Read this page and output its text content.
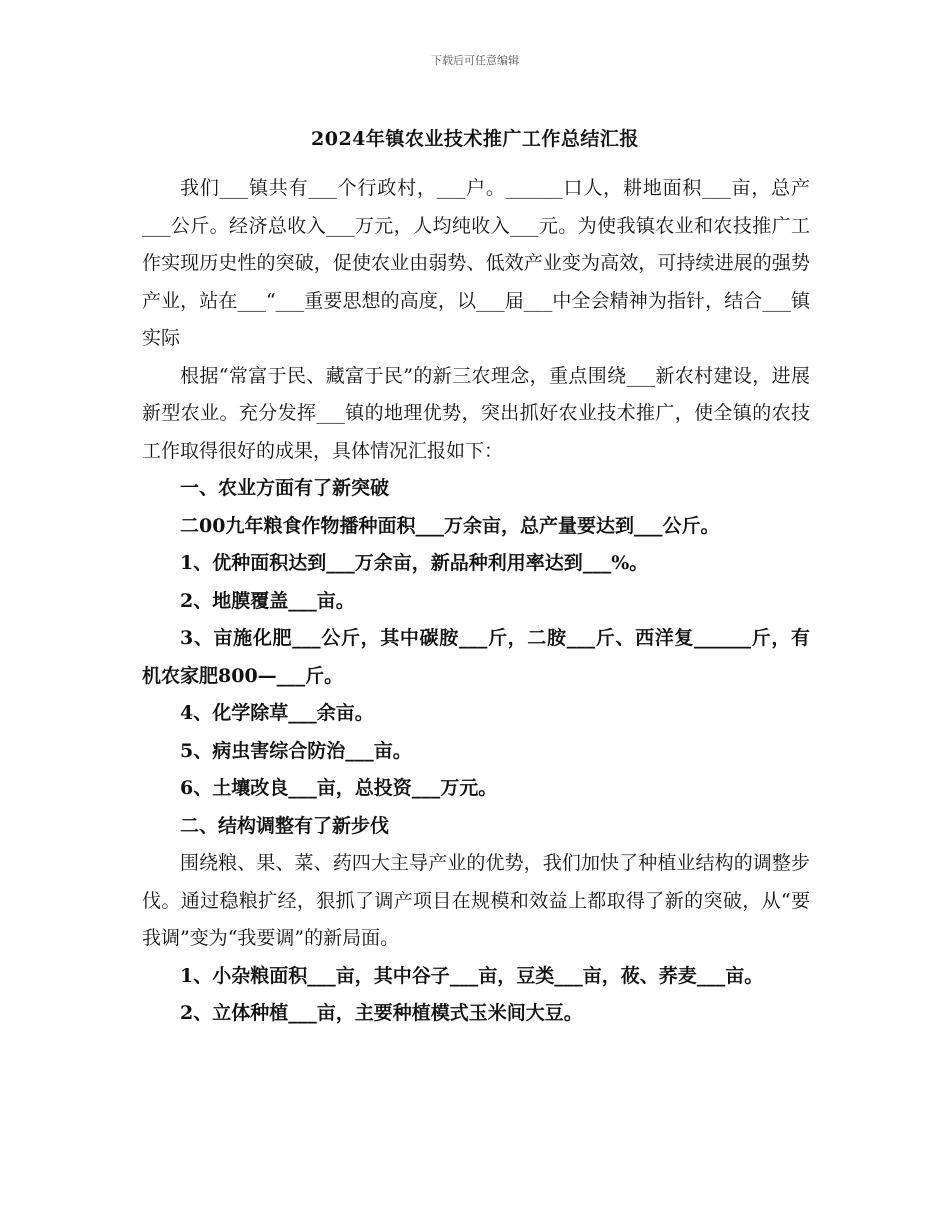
下载后可任意编辑
2024年镇农业技术推广工作总结汇报

我们___镇共有___个行政村，___户。______口人，耕地面积___亩，总产___公斤。经济总收入___万元，人均纯收入___元。为使我镇农业和农技推广工作实现历史性的突破，促使农业由弱势、低效产业变为高效，可持续进展的强势产业，站在___“___重要思想的高度，以___届___中全会精神为指针，结合___镇实际

根据“常富于民、藏富于民”的新三农理念，重点围绕___新农村建设，进展新型农业。充分发挥___镇的地理优势，突出抓好农业技术推广，使全镇的农技工作取得很好的成果，具体情况汇报如下：

一、农业方面有了新突破

二00九年粮食作物播种面积___万余亩，总产量要达到___公斤。

1、优种面积达到___万余亩，新品种利用率达到___%。

2、地膜覆盖___亩。

3、亩施化肥___公斤，其中碳胺___斤，二胺___斤、西洋复______斤，有机农家肥800—___斤。

4、化学除草___余亩。

5、病虫害综合防治___亩。

6、土壤改良___亩，总投资___万元。

二、结构调整有了新步伐

围绕粮、果、菜、药四大主导产业的优势，我们加快了种植业结构的调整步伐。通过稳粮扩经，狠抓了调产项目在规模和效益上都取得了新的突破，从“要我调”变为“我要调”的新局面。

1、小杂粮面积___亩，其中谷子___亩，豆类___亩，莜、荞麦___亩。

2、立体种植___亩，主要种植模式玉米间大豆。
